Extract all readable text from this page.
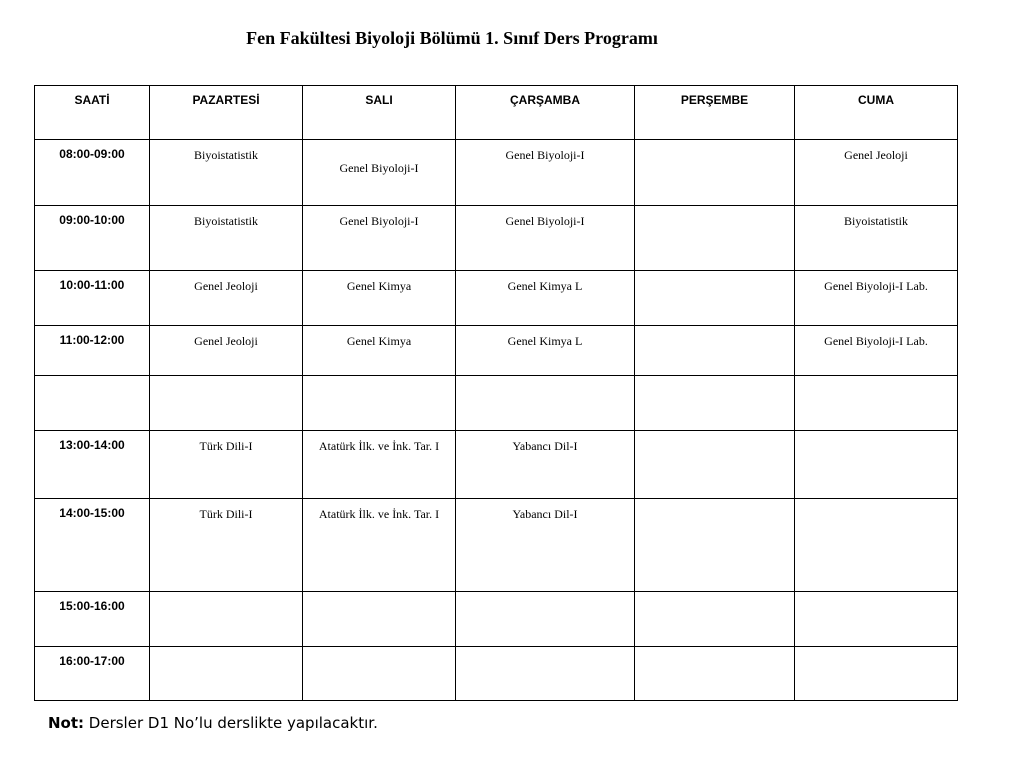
Fen Fakültesi Biyoloji Bölümü 1. Sınıf Ders Programı
SAATİ	PAZARTESİ	SALI	ÇARŞAMBA	PERŞEMBE	CUMA
08:00-09:00	Biyoistatistik	Genel Biyoloji-I	Genel Biyoloji-I		Genel Jeoloji
09:00-10:00	Biyoistatistik	Genel Biyoloji-I	Genel Biyoloji-I		Biyoistatistik
10:00-11:00	Genel Jeoloji	Genel Kimya	Genel Kimya L		Genel Biyoloji-I Lab.
11:00-12:00	Genel Jeoloji	Genel Kimya	Genel Kimya L		Genel Biyoloji-I Lab.

13:00-14:00	Türk Dili-I	Atatürk İlk. ve İnk. Tar. I	Yabancı Dil-I		
14:00-15:00	Türk Dili-I	Atatürk İlk. ve İnk. Tar. I	Yabancı Dil-I		
15:00-16:00					
16:00-17:00					
Not: Dersler D1 No’lu derslikte yapılacaktır.
